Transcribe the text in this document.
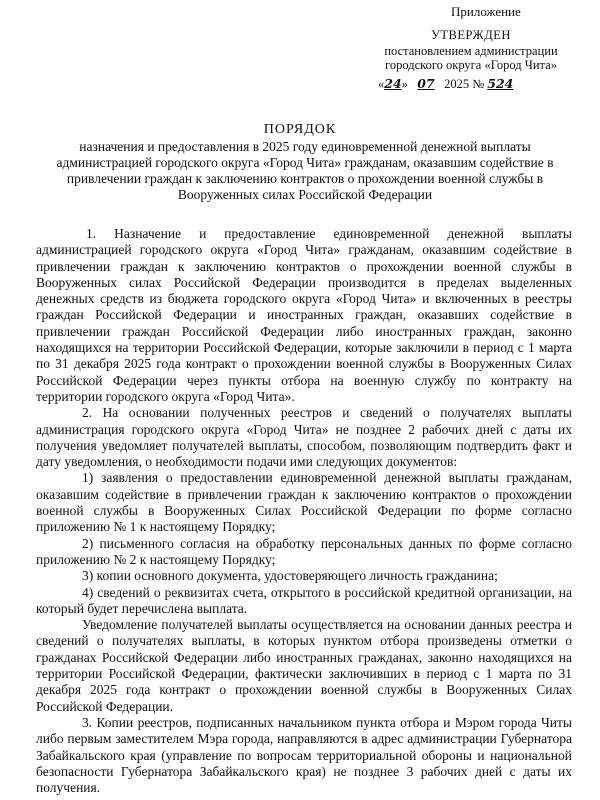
Приложение
УТВЕРЖДЕН
постановлением администрации
городского округа «Город Чита»
«24» 07 2025 № 524
ПОРЯДОК
назначения и предоставления в 2025 году единовременной денежной выплаты администрацией городского округа «Город Чита» гражданам, оказавшим содействие в привлечении граждан к заключению контрактов о прохождении военной службы в Вооруженных силах Российской Федерации

1. Назначение и предоставление единовременной денежной выплаты администрацией городского округа «Город Чита» гражданам, оказавшим содействие в привлечении граждан к заключению контрактов о прохождении военной службы в Вооруженных силах Российской Федерации производится в пределах выделенных денежных средств из бюджета городского округа «Город Чита» и включенных в реестры граждан Российской Федерации и иностранных граждан, оказавших содействие в привлечении граждан Российской Федерации либо иностранных граждан, законно находящихся на территории Российской Федерации, которые заключили в период с 1 марта по 31 декабря 2025 года контракт о прохождении военной службы в Вооруженных Силах Российской Федерации через пункты отбора на военную службу по контракту на территории городского округа «Город Чита».

2. На основании полученных реестров и сведений о получателях выплаты администрация городского округа «Город Чита» не позднее 2 рабочих дней с даты их получения уведомляет получателей выплаты, способом, позволяющим подтвердить факт и дату уведомления, о необходимости подачи ими следующих документов:

1) заявления о предоставлении единовременной денежной выплаты гражданам, оказавшим содействие в привлечении граждан к заключению контрактов о прохождении военной службы в Вооруженных Силах Российской Федерации по форме согласно приложению № 1 к настоящему Порядку;

2) письменного согласия на обработку персональных данных по форме согласно приложению № 2 к настоящему Порядку;

3) копии основного документа, удостоверяющего личность гражданина;

4) сведений о реквизитах счета, открытого в российской кредитной организации, на который будет перечислена выплата.

Уведомление получателей выплаты осуществляется на основании данных реестра и сведений о получателях выплаты, в которых пунктом отбора произведены отметки о гражданах Российской Федерации либо иностранных гражданах, законно находящихся на территории Российской Федерации, фактически заключивших в период с 1 марта по 31 декабря 2025 года контракт о прохождении военной службы в Вооруженных Силах Российской Федерации.

3. Копии реестров, подписанных начальником пункта отбора и Мэром города Читы либо первым заместителем Мэра города, направляются в адрес администрации Губернатора Забайкальского края (управление по вопросам территориальной обороны и национальной безопасности Губернатора Забайкальского края) не позднее 3 рабочих дней с даты их получения.
